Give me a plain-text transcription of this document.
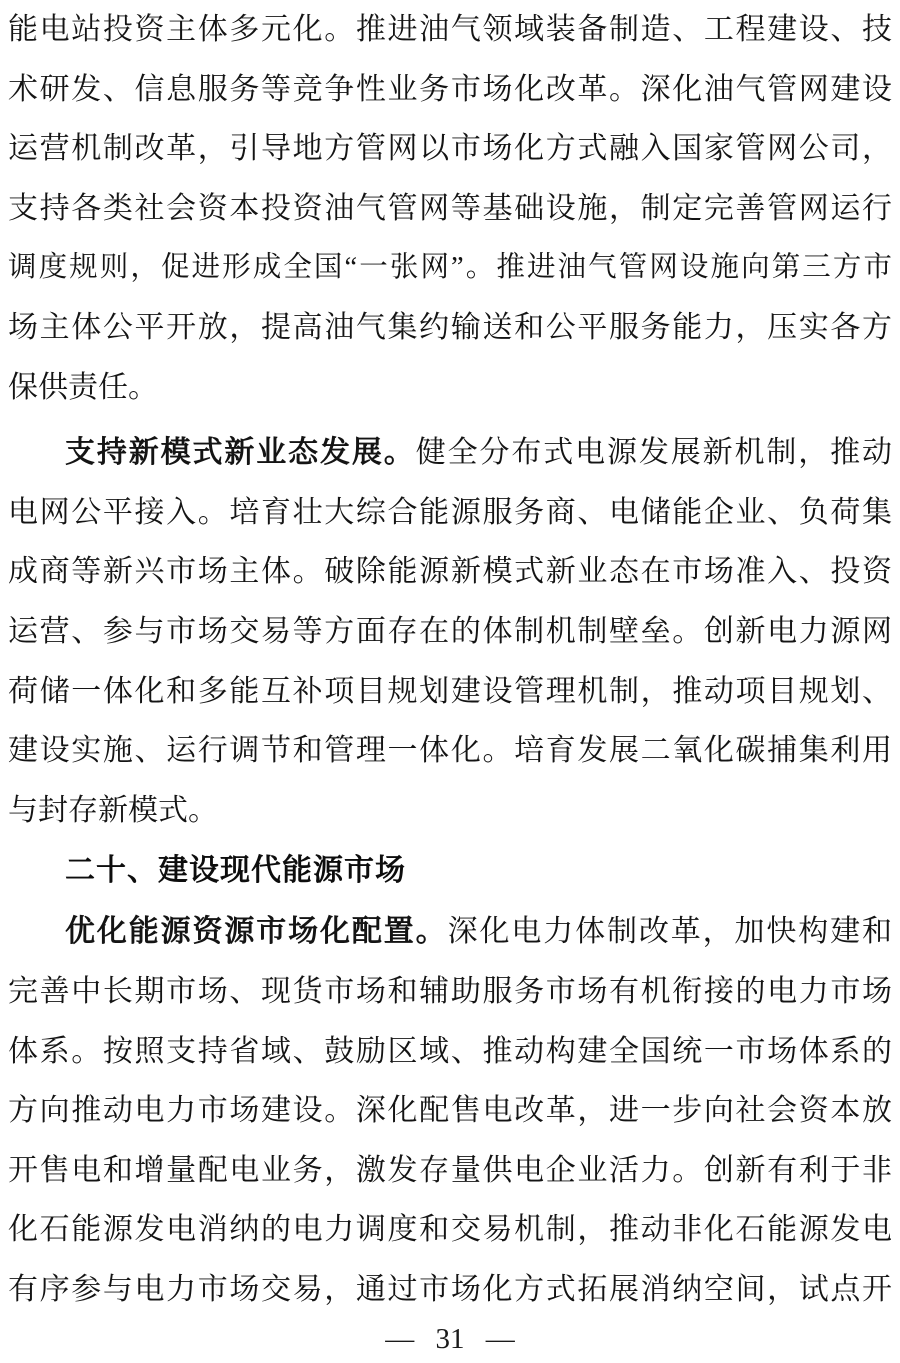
能电站投资主体多元化。推进油气领域装备制造、工程建设、技
术研发、信息服务等竞争性业务市场化改革。深化油气管网建设
运营机制改革，引导地方管网以市场化方式融入国家管网公司，
支持各类社会资本投资油气管网等基础设施，制定完善管网运行
调度规则，促进形成全国“一张网”。推进油气管网设施向第三方市
场主体公平开放，提高油气集约输送和公平服务能力，压实各方
保供责任。
支持新模式新业态发展。健全分布式电源发展新机制，推动
电网公平接入。培育壮大综合能源服务商、电储能企业、负荷集
成商等新兴市场主体。破除能源新模式新业态在市场准入、投资
运营、参与市场交易等方面存在的体制机制壁垒。创新电力源网
荷储一体化和多能互补项目规划建设管理机制，推动项目规划、
建设实施、运行调节和管理一体化。培育发展二氧化碳捕集利用
与封存新模式。
二十、建设现代能源市场
优化能源资源市场化配置。深化电力体制改革，加快构建和
完善中长期市场、现货市场和辅助服务市场有机衔接的电力市场
体系。按照支持省域、鼓励区域、推动构建全国统一市场体系的
方向推动电力市场建设。深化配售电改革，进一步向社会资本放
开售电和增量配电业务，激发存量供电企业活力。创新有利于非
化石能源发电消纳的电力调度和交易机制，推动非化石能源发电
有序参与电力市场交易，通过市场化方式拓展消纳空间，试点开
— 31 —
